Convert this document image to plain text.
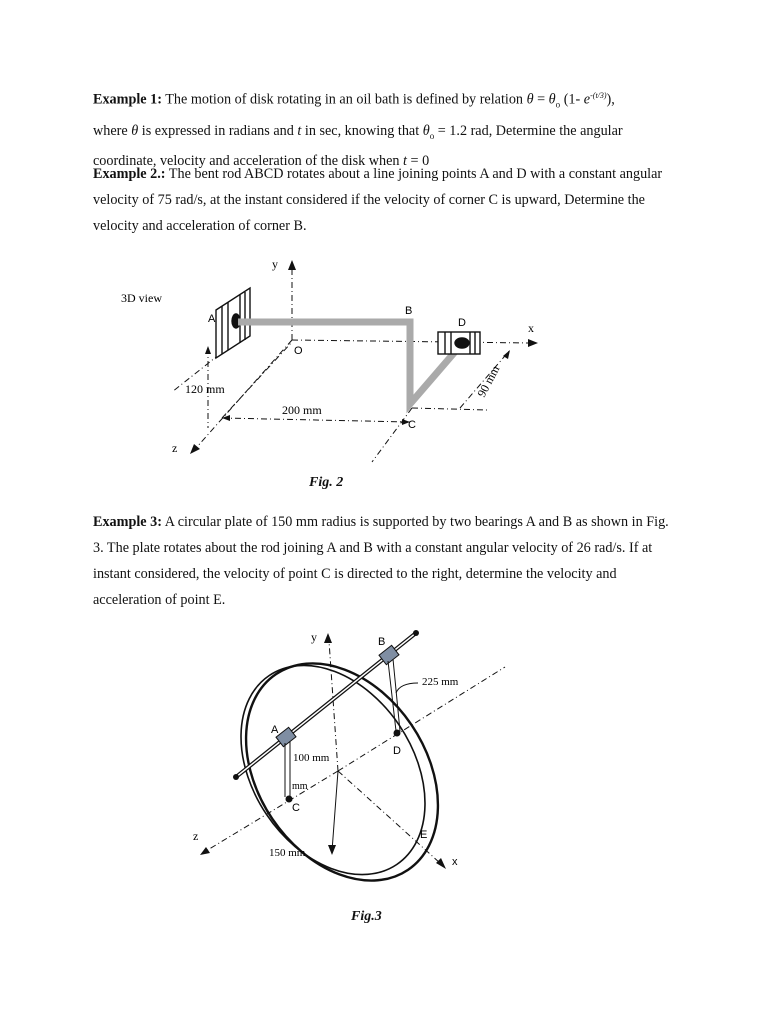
Example 1: The motion of disk rotating in an oil bath is defined by relation $\theta = \theta_o$ (1- $e^{-(t/3)}$),
where θ is expressed in radians and t in sec, knowing that $\theta_o = 1.2$ rad, Determine the angular coordinate, velocity and acceleration of the disk when t = 0

Example 2.: The bent rod ABCD rotates about a line joining points A and D with a constant angular velocity of 75 rad/s, at the instant considered if the velocity of corner C is upward, Determine the velocity and acceleration of corner B.

3D view
y
x
z
A
B
C
D
O
120 mm
200 mm
90 mm
Fig. 2

Example 3: A circular plate of 150 mm radius is supported by two bearings A and B as shown in Fig. 3. The plate rotates about the rod joining A and B with a constant angular velocity of 26 rad/s. If at instant considered, the velocity of point C is directed to the right, determine the velocity and acceleration of point E.

y
x
z
A
B
C
D
E
225 mm
100 mm
mm
150 mm
Fig.3
